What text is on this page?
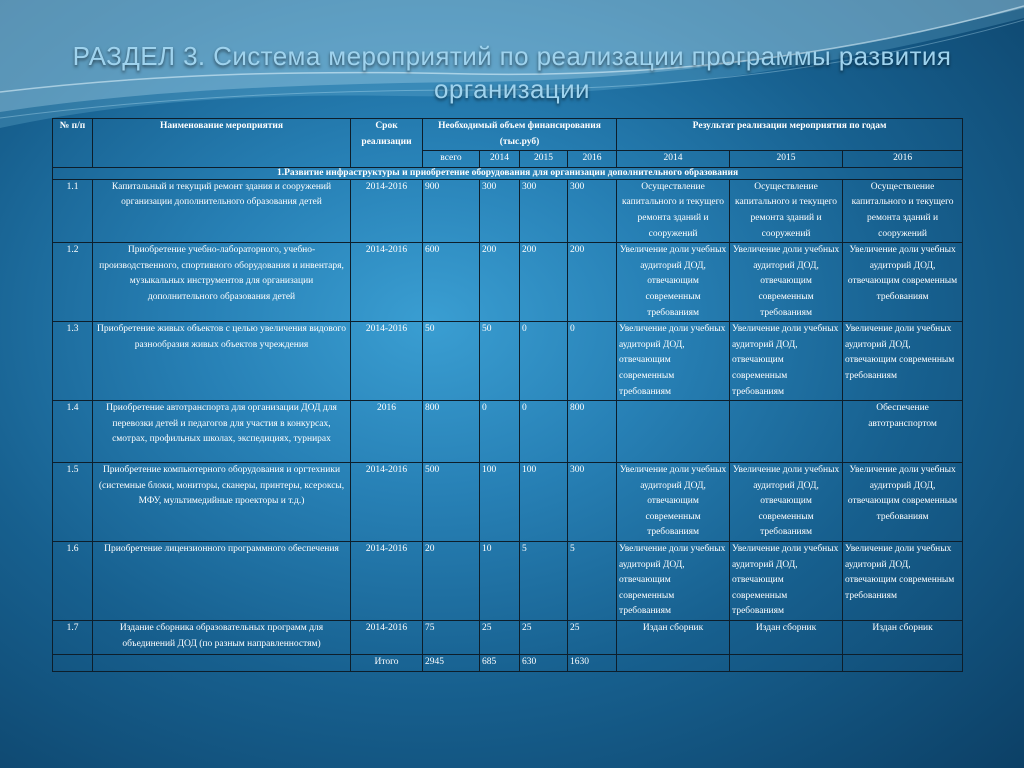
РАЗДЕЛ 3. Система мероприятий по реализации программы развития организации
№ п/п	Наименование мероприятия	Срок реализации	Необходимый объем финансирования (тыс.руб)				Результат реализации мероприятия по годам		
			всего	2014	2015	2016	2014	2015	2016
1.Развитие инфраструктуры и приобретение оборудования для организации дополнительного образования									
1.1	Капитальный и текущий ремонт здания и сооружений организации дополнительного образования детей	2014-2016	900	300	300	300	Осуществление капитального и текущего ремонта зданий и сооружений	Осуществление капитального и текущего ремонта зданий и сооружений	Осуществление капитального и текущего ремонта зданий и сооружений
1.2	Приобретение учебно-лабораторного, учебно-производственного, спортивного оборудования и инвентаря, музыкальных инструментов для организации дополнительного образования детей	2014-2016	600	200	200	200	Увеличение доли учебных аудиторий ДОД, отвечающим современным требованиям	Увеличение доли учебных аудиторий ДОД, отвечающим современным требованиям	Увеличение доли учебных аудиторий ДОД, отвечающим современным требованиям
1.3	Приобретение живых объектов с целью увеличения видового разнообразия живых объектов учреждения	2014-2016	50	50	0	0	Увеличение доли учебных аудиторий ДОД, отвечающим современным требованиям	Увеличение доли учебных аудиторий ДОД, отвечающим современным требованиям	Увеличение доли учебных аудиторий ДОД, отвечающим современным требованиям
1.4	Приобретение автотранспорта для организации ДОД для перевозки детей и педагогов для участия в конкурсах, смотрах, профильных школах, экспедициях, турнирах	2016	800	0	0	800			Обеспечение автотранспортом
1.5	Приобретение компьютерного оборудования и оргтехники (системные блоки, мониторы, сканеры, принтеры, ксероксы, МФУ, мультимедийные проекторы и т.д.)	2014-2016	500	100	100	300	Увеличение доли учебных аудиторий ДОД, отвечающим современным требованиям	Увеличение доли учебных аудиторий ДОД, отвечающим современным требованиям	Увеличение доли учебных аудиторий ДОД, отвечающим современным требованиям
1.6	Приобретение лицензионного программного обеспечения	2014-2016	20	10	5	5	Увеличение доли учебных аудиторий ДОД, отвечающим современным требованиям	Увеличение доли учебных аудиторий ДОД, отвечающим современным требованиям	Увеличение доли учебных аудиторий ДОД, отвечающим современным требованиям
1.7	Издание сборника образовательных программ для объединений ДОД (по разным направленностям)	2014-2016	75	25	25	25	Издан сборник	Издан сборник	Издан сборник
		Итого	2945	685	630	1630			
